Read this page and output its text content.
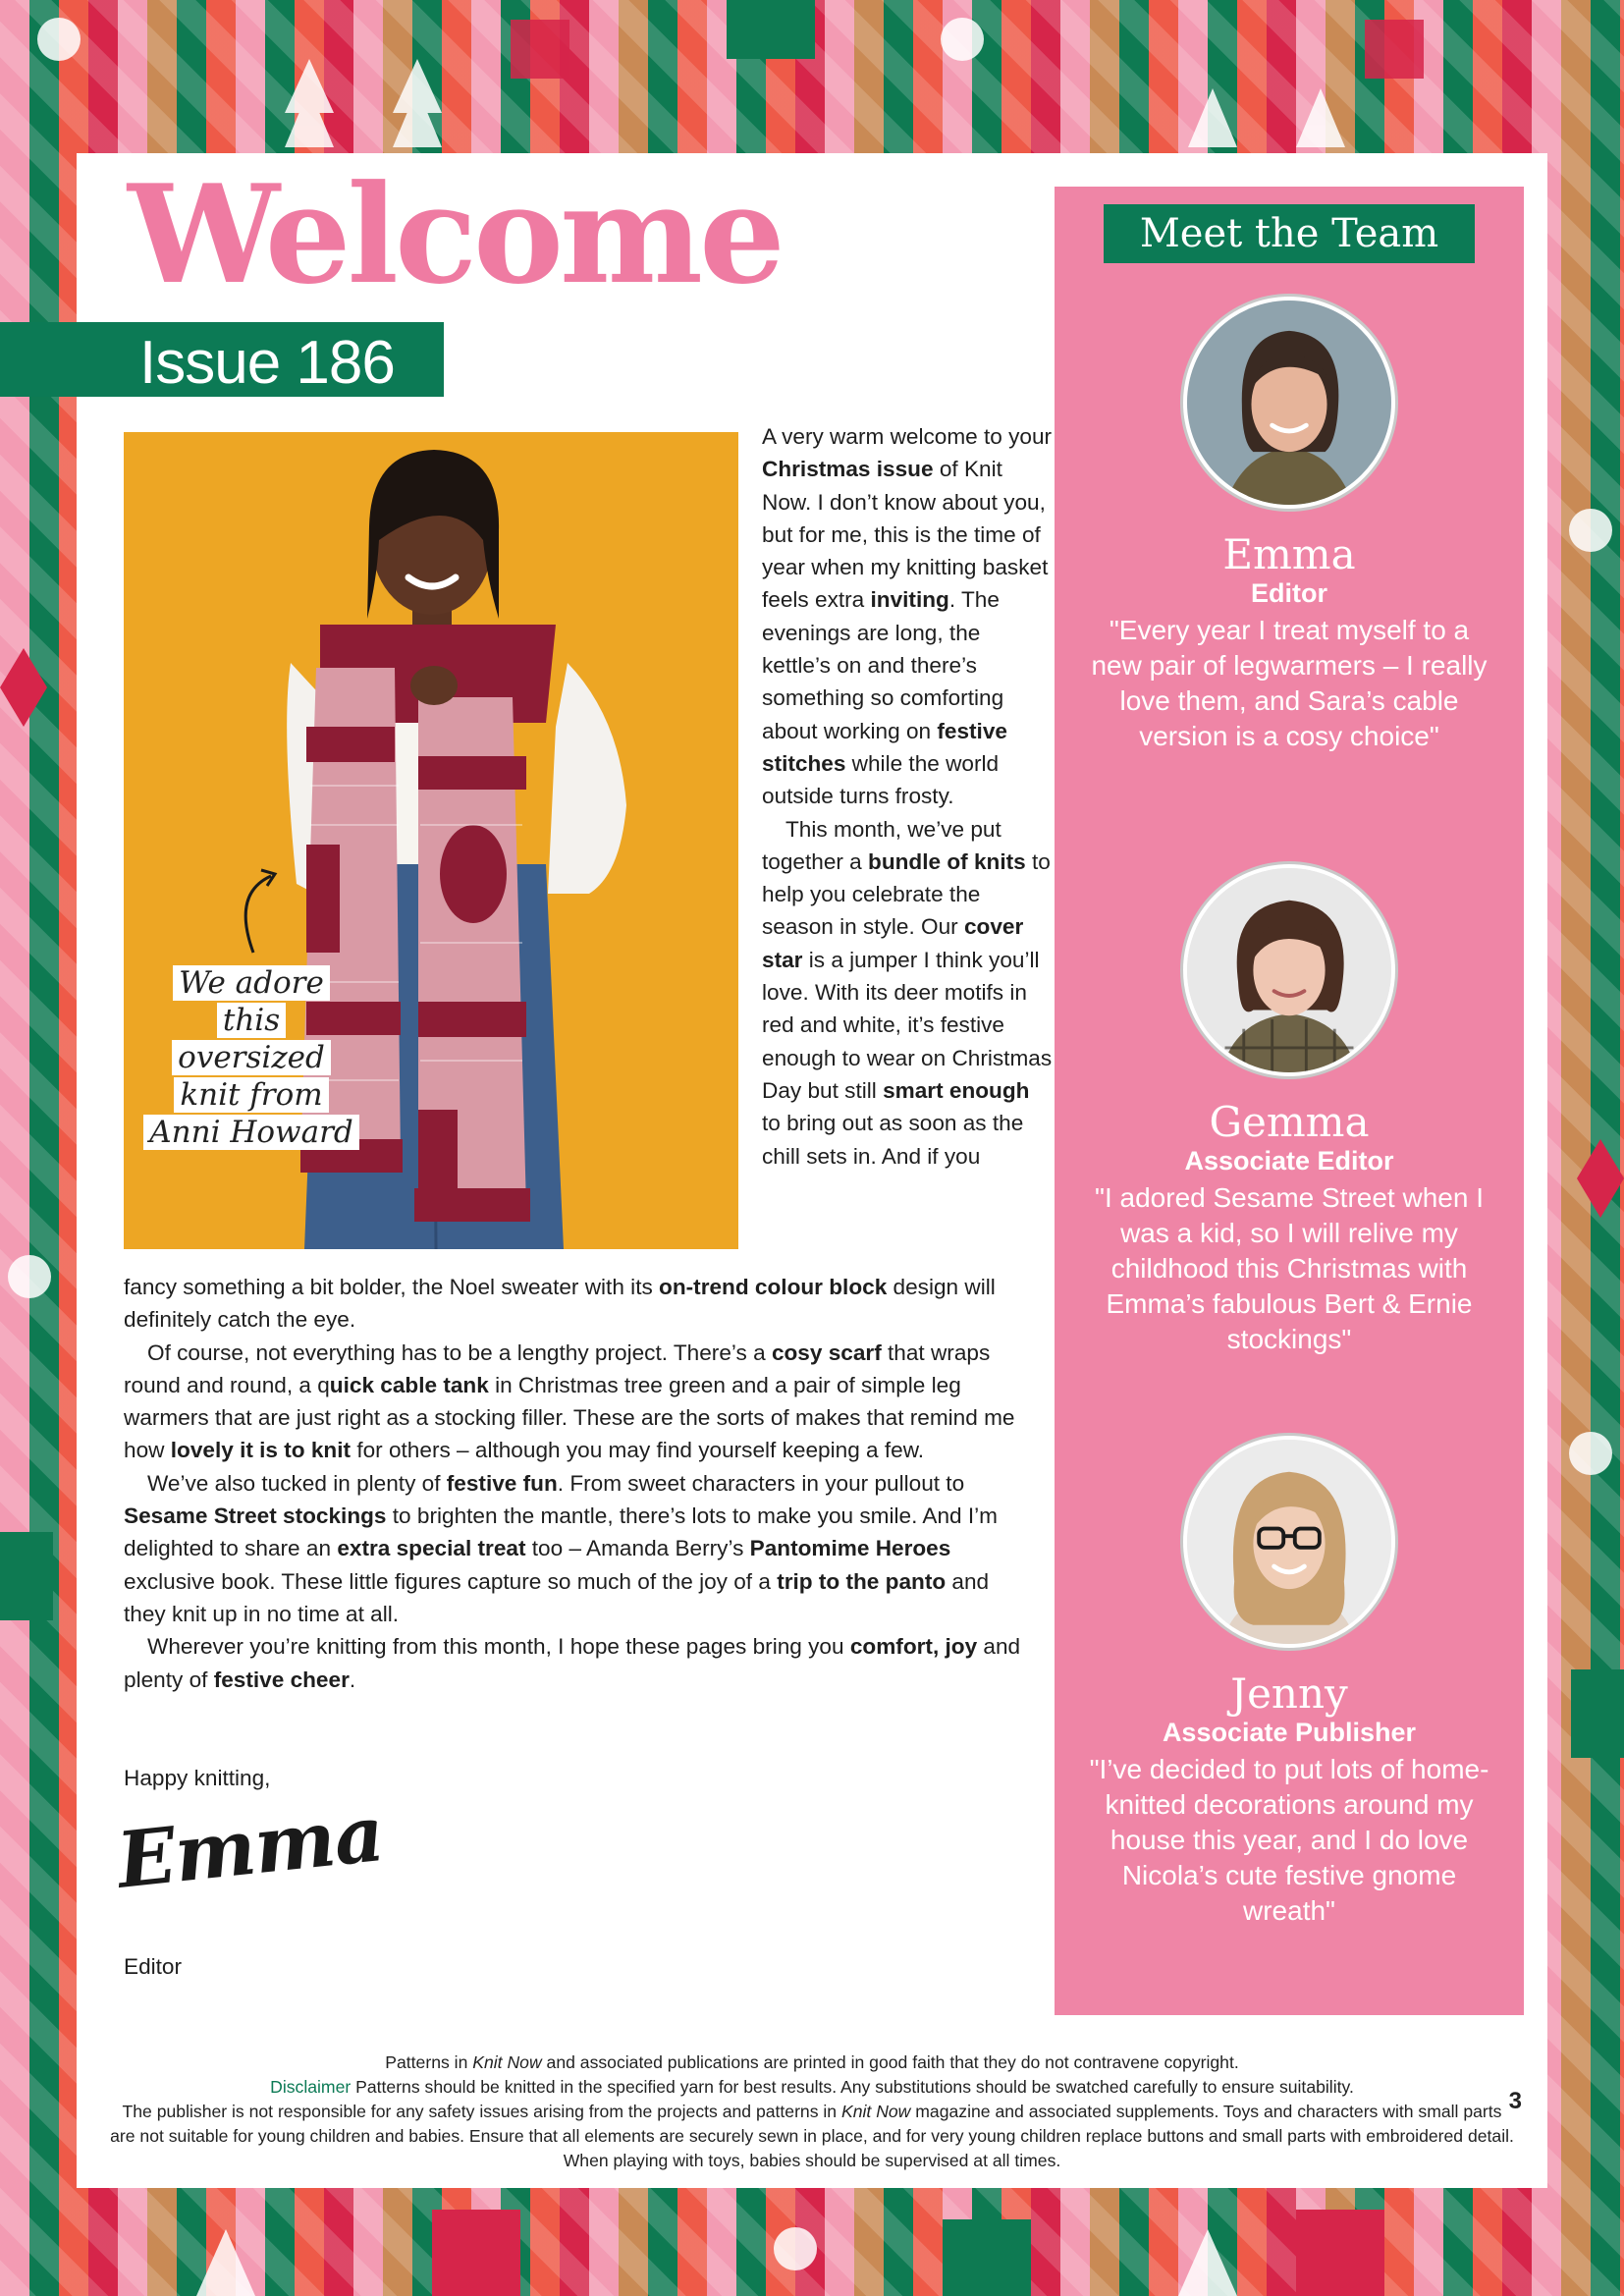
Welcome
Issue 186
We adore this oversized knit from Anni Howard

A very warm welcome to your Christmas issue of Knit Now. I don’t know about you, but for me, this is the time of year when my knitting basket feels extra inviting. The evenings are long, the kettle’s on and there’s something so comforting about working on festive stitches while the world outside turns frosty.

This month, we’ve put together a bundle of knits to help you celebrate the season in style. Our cover star is a jumper I think you’ll love. With its deer motifs in red and white, it’s festive enough to wear on Christmas Day but still smart enough to bring out as soon as the chill sets in. And if you

fancy something a bit bolder, the Noel sweater with its on-trend colour block design will definitely catch the eye.

Of course, not everything has to be a lengthy project. There’s a cosy scarf that wraps round and round, a quick cable tank in Christmas tree green and a pair of simple leg warmers that are just right as a stocking filler. These are the sorts of makes that remind me how lovely it is to knit for others – although you may find yourself keeping a few.

We’ve also tucked in plenty of festive fun. From sweet characters in your pullout to Sesame Street stockings to brighten the mantle, there’s lots to make you smile. And I’m delighted to share an extra special treat too – Amanda Berry’s Pantomime Heroes exclusive book. These little figures capture so much of the joy of a trip to the panto and they knit up in no time at all.

Wherever you’re knitting from this month, I hope these pages bring you comfort, joy and plenty of festive cheer.

Happy knitting,
Emma
Editor
Meet the Team
Emma
Editor
"Every year I treat myself to a new pair of legwarmers – I really love them, and Sara’s cable version is a cosy choice"
Gemma
Associate Editor
"I adored Sesame Street when I was a kid, so I will relive my childhood this Christmas with Emma’s fabulous Bert & Ernie stockings"
Jenny
Associate Publisher
"I’ve decided to put lots of home-knitted decorations around my house this year, and I do love Nicola’s cute festive gnome wreath"
Patterns in Knit Now and associated publications are printed in good faith that they do not contravene copyright.
Disclaimer Patterns should be knitted in the specified yarn for best results. Any substitutions should be swatched carefully to ensure suitability.
The publisher is not responsible for any safety issues arising from the projects and patterns in Knit Now magazine and associated supplements. Toys and characters with small parts are not suitable for young children and babies. Ensure that all elements are securely sewn in place, and for very young children replace buttons and small parts with embroidered detail. When playing with toys, babies should be supervised at all times.
3
